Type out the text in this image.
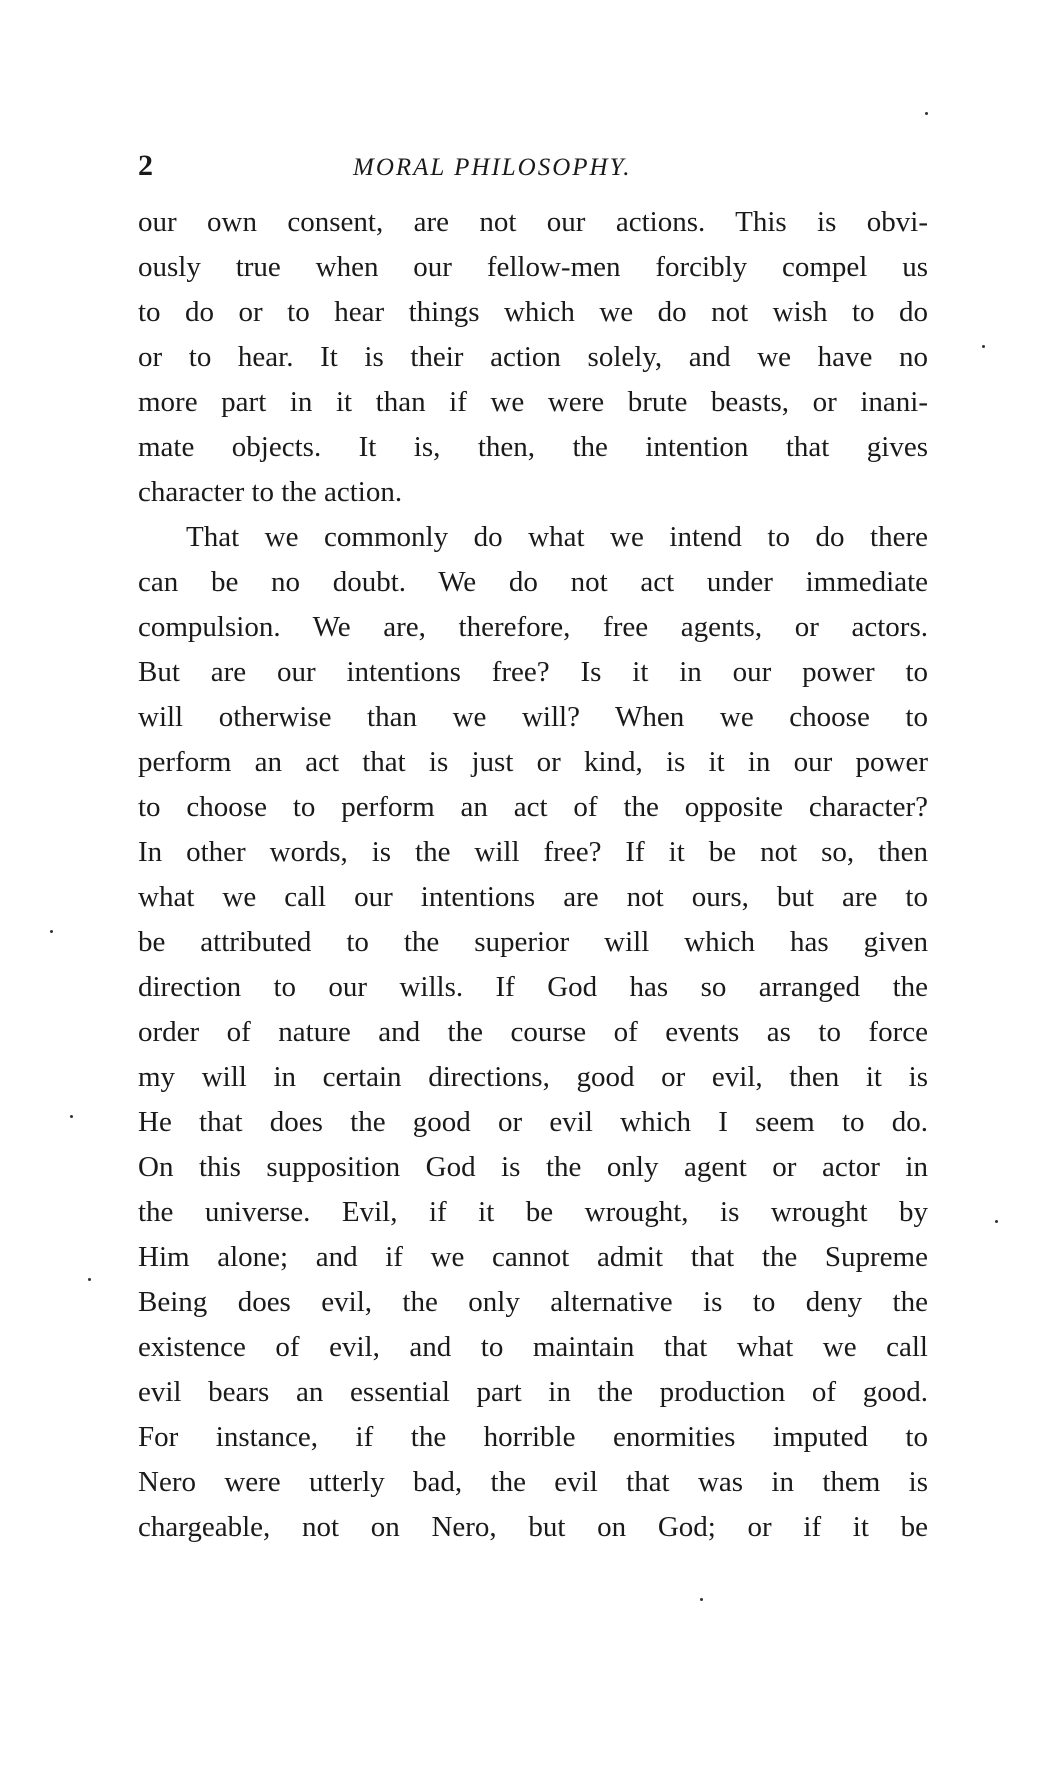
2	MORAL PHILOSOPHY.
our own consent, are not our actions. This is obvi-
ously true when our fellow-men forcibly compel us
to do or to hear things which we do not wish to do
or to hear. It is their action solely, and we have no
more part in it than if we were brute beasts, or inani-
mate objects. It is, then, the intention that gives
character to the action.
That we commonly do what we intend to do there
can be no doubt. We do not act under immediate
compulsion. We are, therefore, free agents, or actors.
But are our intentions free? Is it in our power to
will otherwise than we will? When we choose to
perform an act that is just or kind, is it in our power
to choose to perform an act of the opposite character?
In other words, is the will free? If it be not so, then
what we call our intentions are not ours, but are to
be attributed to the superior will which has given
direction to our wills. If God has so arranged the
order of nature and the course of events as to force
my will in certain directions, good or evil, then it is
He that does the good or evil which I seem to do.
On this supposition God is the only agent or actor in
the universe. Evil, if it be wrought, is wrought by
Him alone; and if we cannot admit that the Supreme
Being does evil, the only alternative is to deny the
existence of evil, and to maintain that what we call
evil bears an essential part in the production of good.
For instance, if the horrible enormities imputed to
Nero were utterly bad, the evil that was in them is
chargeable, not on Nero, but on God; or if it be
